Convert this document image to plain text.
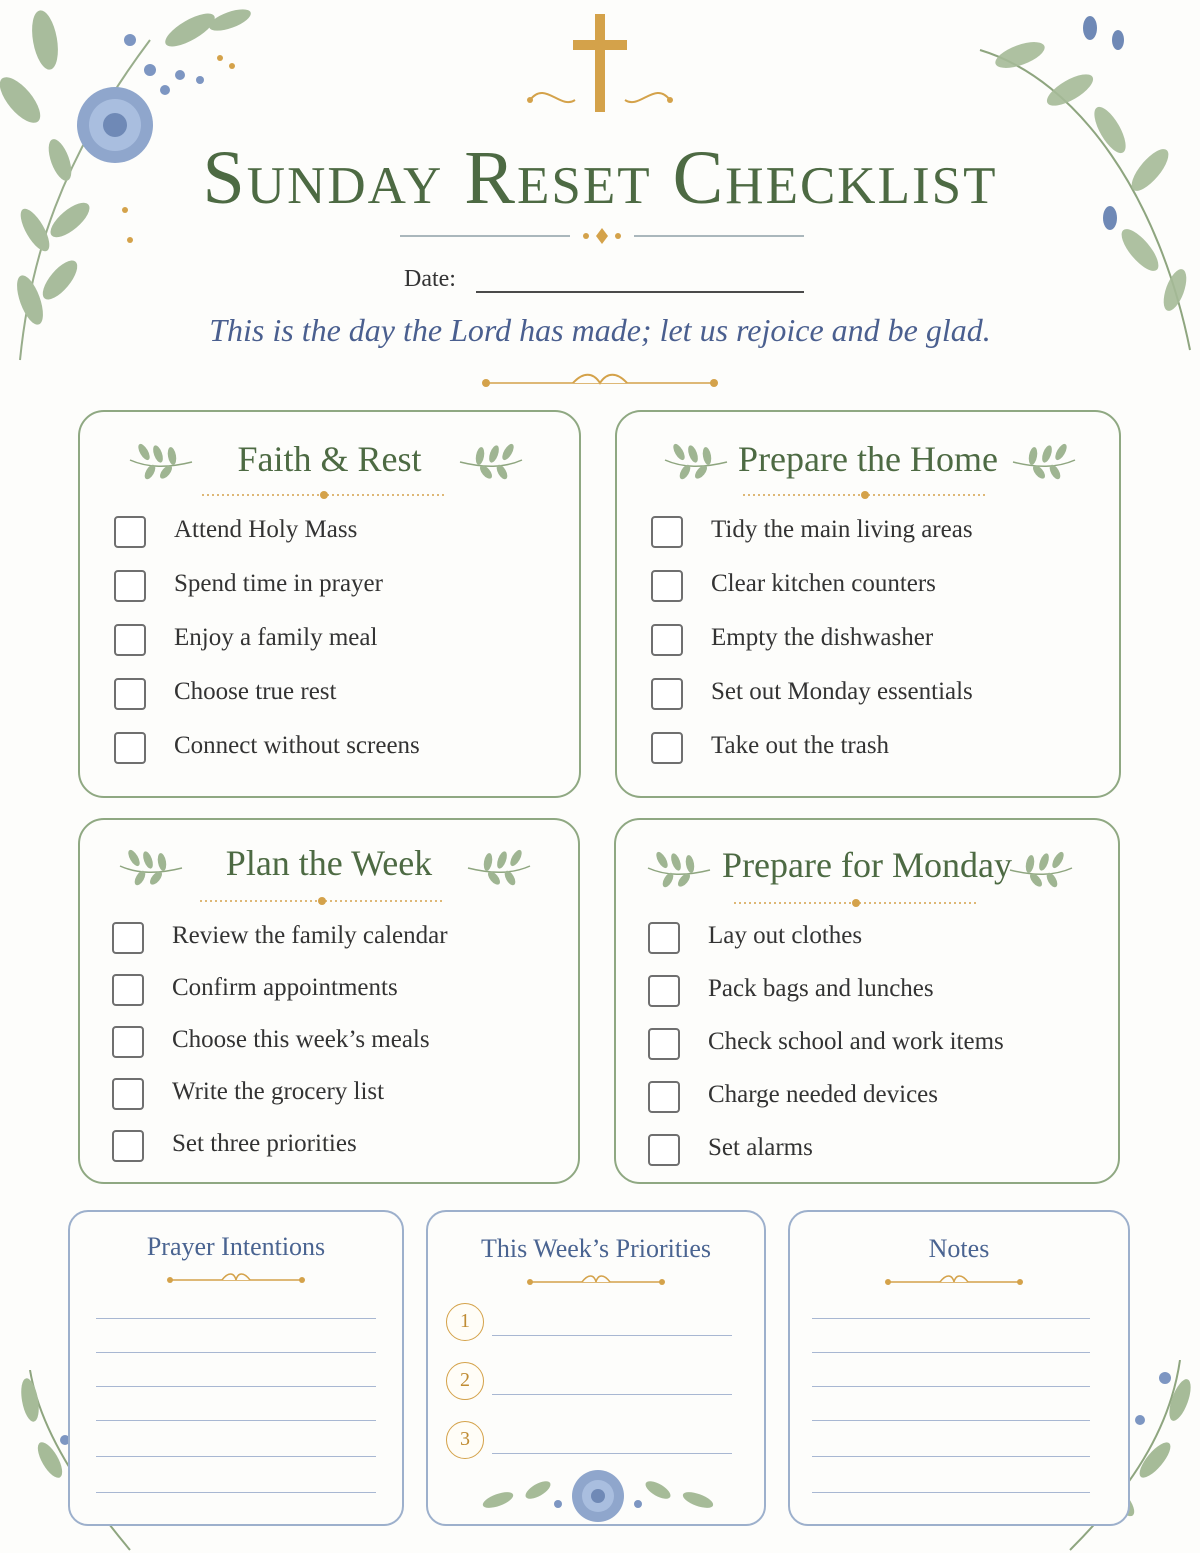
Sunday Reset Checklist
Date:
This is the day the Lord has made; let us rejoice and be glad.
Faith & Rest
Attend Holy Mass
Spend time in prayer
Enjoy a family meal
Choose true rest
Connect without screens
Prepare the Home
Tidy the main living areas
Clear kitchen counters
Empty the dishwasher
Set out Monday essentials
Take out the trash
Plan the Week
Review the family calendar
Confirm appointments
Choose this week’s meals
Write the grocery list
Set three priorities
Prepare for Monday
Lay out clothes
Pack bags and lunches
Check school and work items
Charge needed devices
Set alarms
Prayer Intentions	This Week’s Priorities
1
2
3
Notes
